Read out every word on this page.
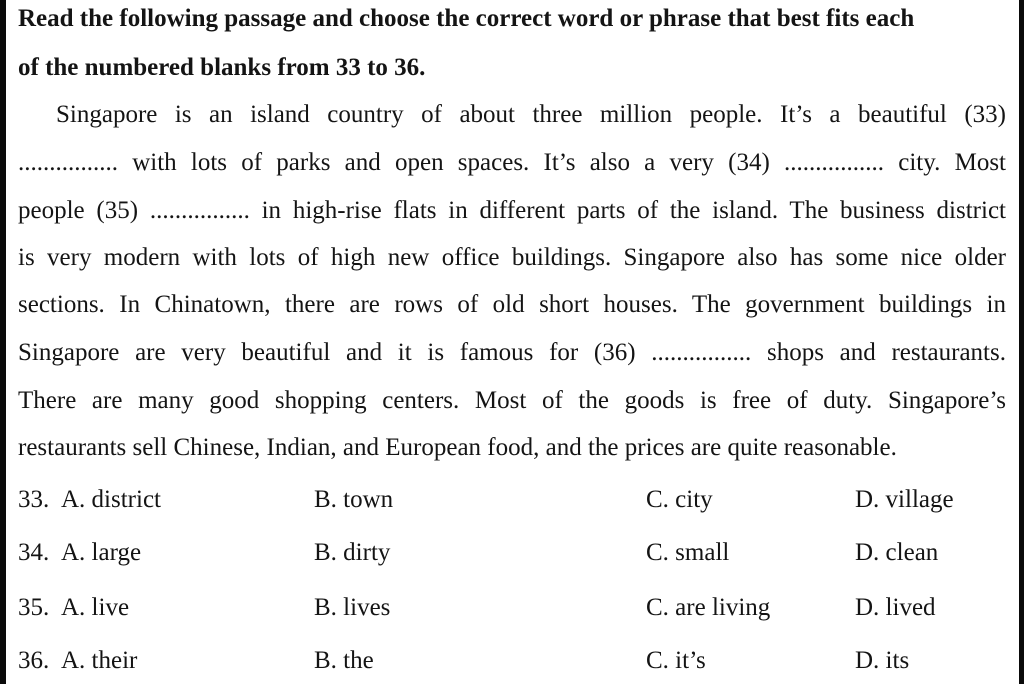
Read the following passage and choose the correct word or phrase that best fits each
of the numbered blanks from 33 to 36.
Singapore is an island country of about three million people. It’s a beautiful (33)
................ with lots of parks and open spaces. It’s also a very (34) ................ city. Most
people (35) ................ in high-rise flats in different parts of the island. The business district
is very modern with lots of high new office buildings. Singapore also has some nice older
sections. In Chinatown, there are rows of old short houses. The government buildings in
Singapore are very beautiful and it is famous for (36) ................ shops and restaurants.
There are many good shopping centers. Most of the goods is free of duty. Singapore’s
restaurants sell Chinese, Indian, and European food, and the prices are quite reasonable.
33. A. district	B. town	C. city	D. village
34. A. large	B. dirty	C. small	D. clean
35. A. live	B. lives	C. are living	D. lived
36. A. their	B. the	C. it’s	D. its
